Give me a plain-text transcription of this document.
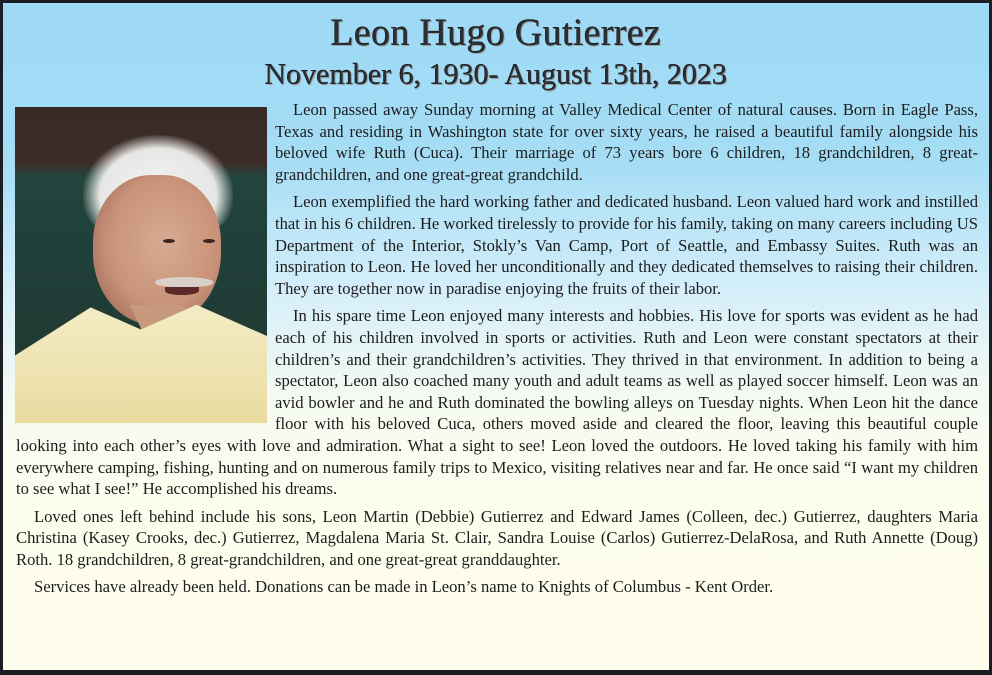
Leon Hugo Gutierrez
November 6, 1930- August 13th, 2023

Leon passed away Sunday morning at Valley Medical Center of natural causes. Born in Eagle Pass, Texas and residing in Washington state for over sixty years, he raised a beautiful family alongside his beloved wife Ruth (Cuca). Their marriage of 73 years bore 6 children, 18 grandchildren, 8 great-grandchildren, and one great-great grandchild.

Leon exemplified the hard working father and dedicated husband. Leon valued hard work and instilled that in his 6 children. He worked tirelessly to provide for his family, taking on many careers including US Department of the Interior, Stokly’s Van Camp, Port of Seattle, and Embassy Suites. Ruth was an inspiration to Leon. He loved her unconditionally and they dedicated themselves to raising their children. They are together now in paradise enjoying the fruits of their labor.

In his spare time Leon enjoyed many interests and hobbies. His love for sports was evident as he had each of his children involved in sports or activities. Ruth and Leon were constant spectators at their children’s and their grandchildren’s activities. They thrived in that environment. In addition to being a spectator, Leon also coached many youth and adult teams as well as played soccer himself. Leon was an avid bowler and he and Ruth dominated the bowling alleys on Tuesday nights. When Leon hit the dance floor with his beloved Cuca, others moved aside and cleared the floor, leaving this beautiful couple looking into each other’s eyes with love and admiration. What a sight to see! Leon loved the outdoors. He loved taking his family with him everywhere camping, fishing, hunting and on numerous family trips to Mexico, visiting relatives near and far. He once said “I want my children to see what I see!” He accomplished his dreams.

Loved ones left behind include his sons, Leon Martin (Debbie) Gutierrez and Edward James (Colleen, dec.) Gutierrez, daughters Maria Christina (Kasey Crooks, dec.) Gutierrez, Magdalena Maria St. Clair, Sandra Louise (Carlos) Gutierrez-DelaRosa, and Ruth Annette (Doug) Roth. 18 grandchildren, 8 great-grandchildren, and one great-great granddaughter.

Services have already been held. Donations can be made in Leon’s name to Knights of Columbus - Kent Order.
